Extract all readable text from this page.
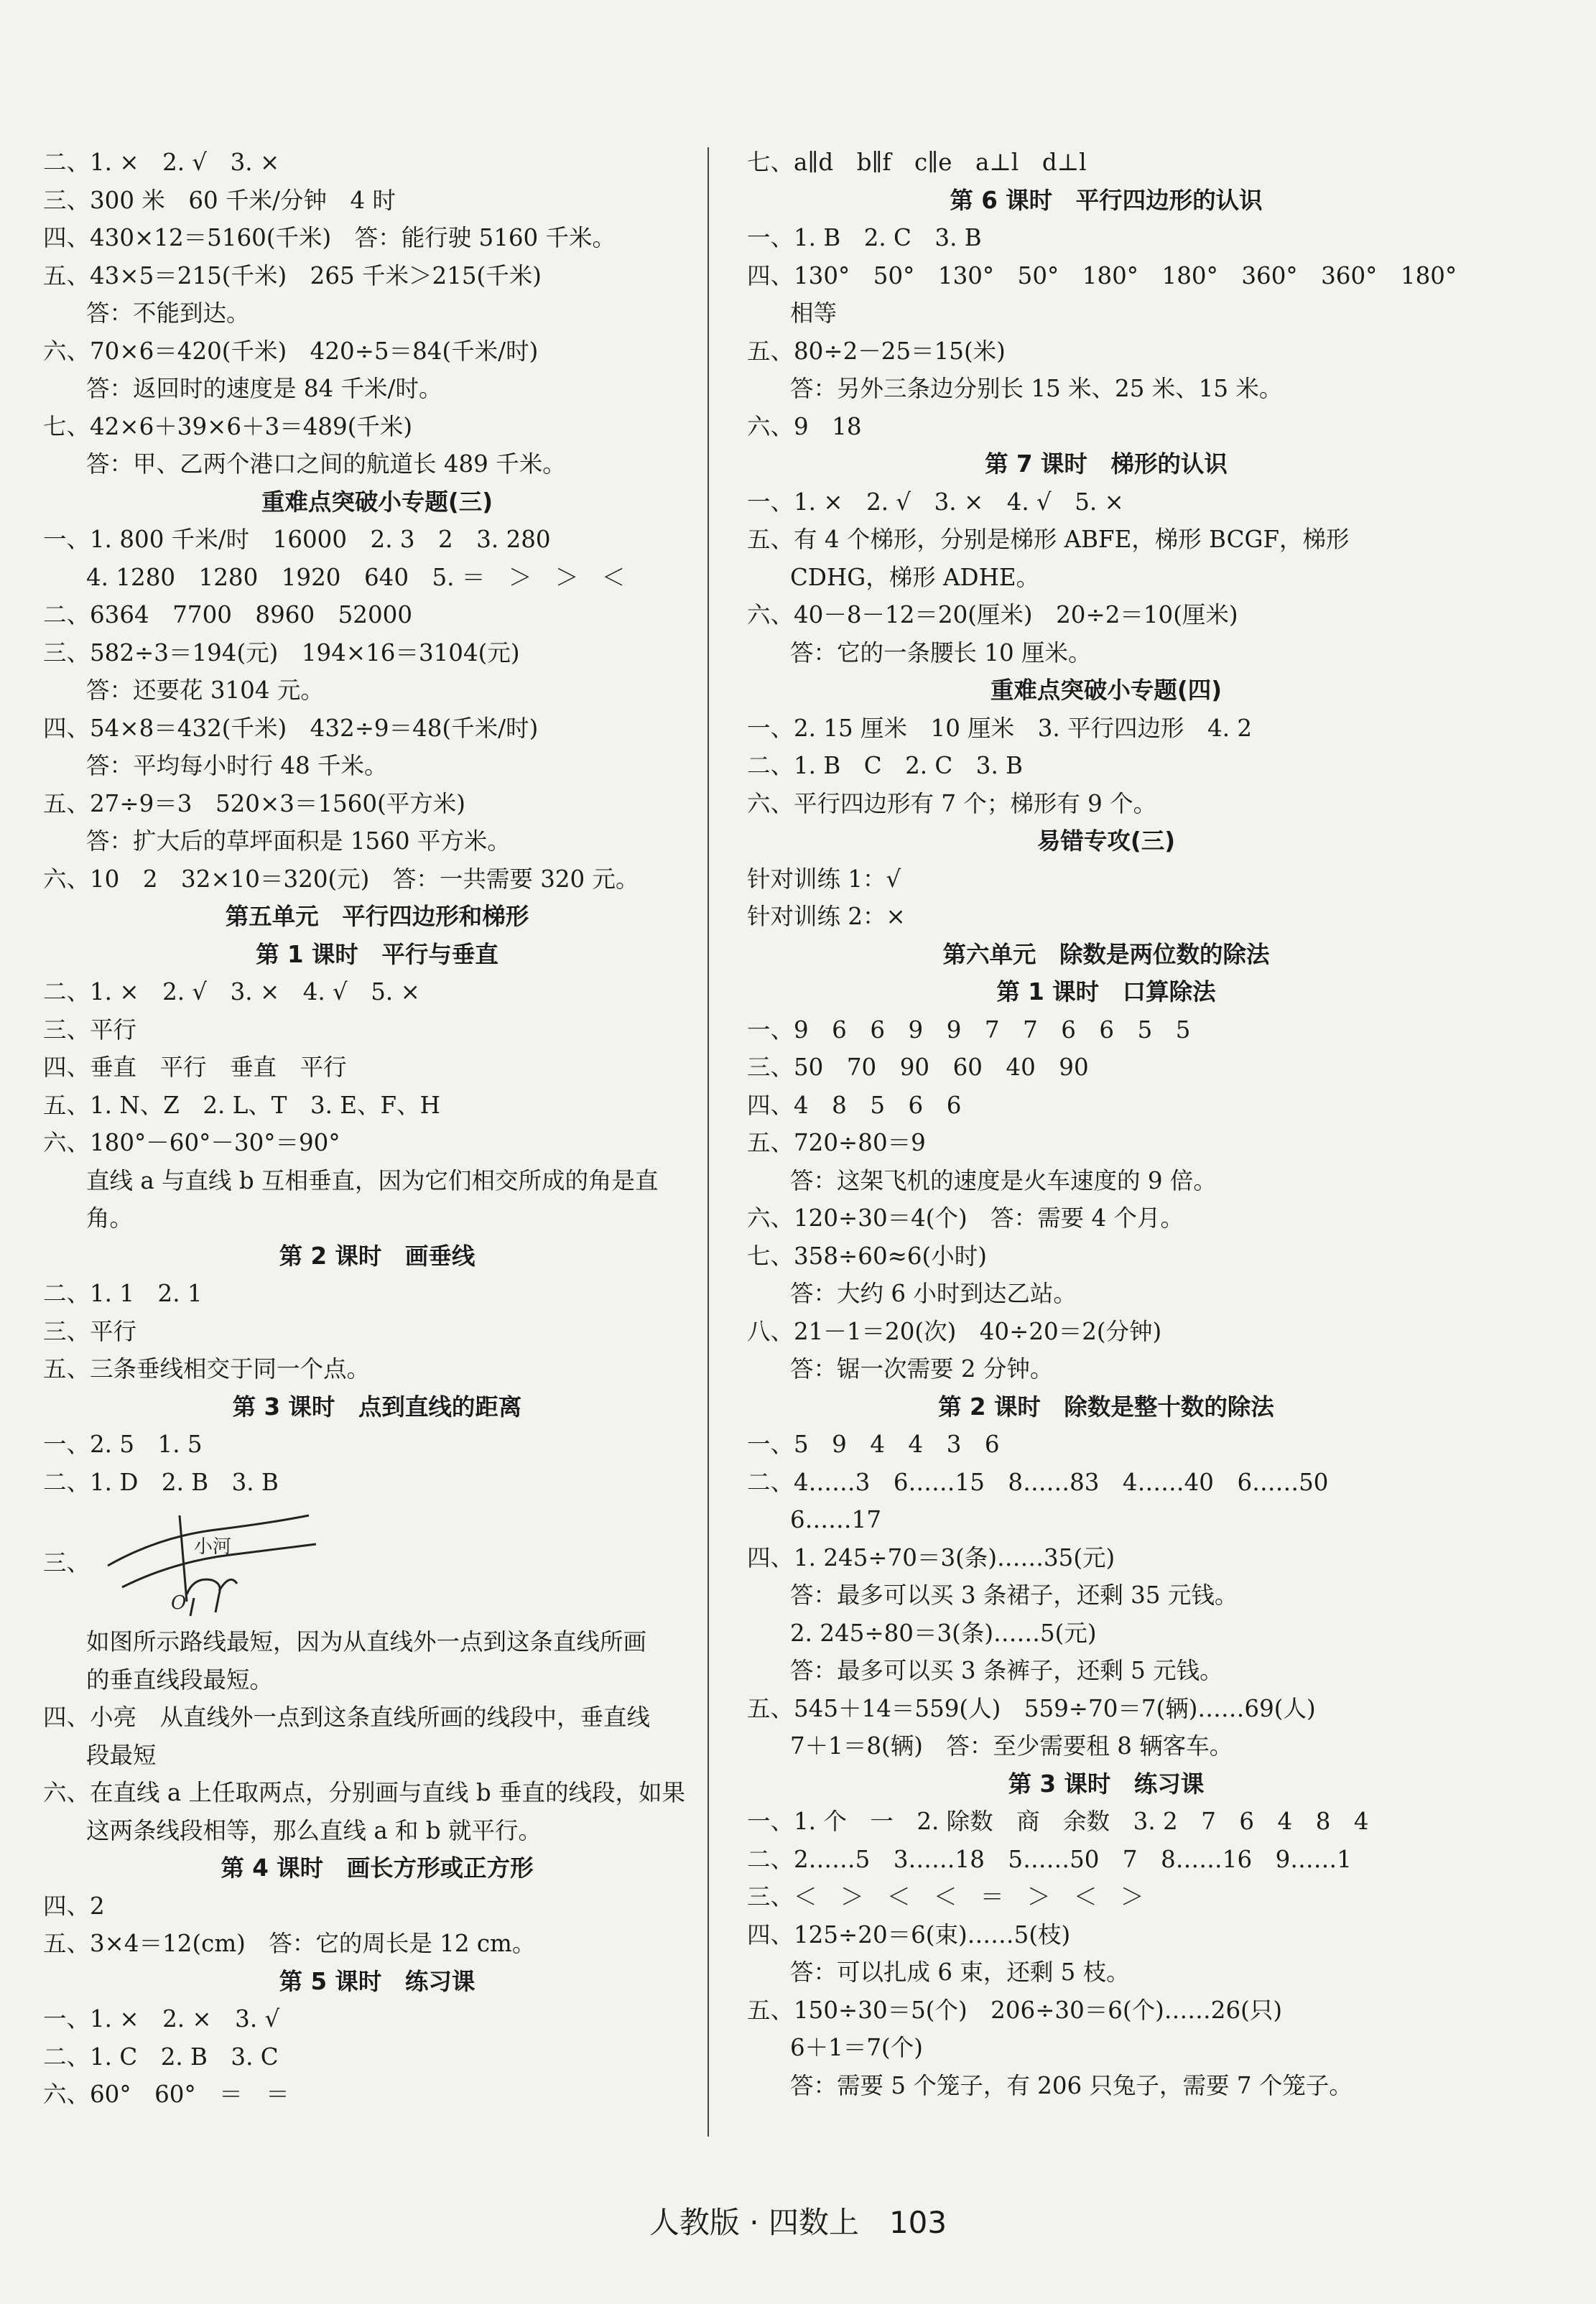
二、1. ×　2. √　3. ×
三、300 米　60 千米/分钟　4 时
四、430×12＝5160(千米)　答：能行驶 5160 千米。
五、43×5＝215(千米)　265 千米＞215(千米)
答：不能到达。
六、70×6＝420(千米)　420÷5＝84(千米/时)
答：返回时的速度是 84 千米/时。
七、42×6＋39×6＋3＝489(千米)
答：甲、乙两个港口之间的航道长 489 千米。
重难点突破小专题(三)
一、1. 800 千米/时　16000　2. 3　2　3. 280
4. 1280　1280　1920　640　5. ＝　＞　＞　＜
二、6364　7700　8960　52000
三、582÷3＝194(元)　194×16＝3104(元)
答：还要花 3104 元。
四、54×8＝432(千米)　432÷9＝48(千米/时)
答：平均每小时行 48 千米。
五、27÷9＝3　520×3＝1560(平方米)
答：扩大后的草坪面积是 1560 平方米。
六、10　2　32×10＝320(元)　答：一共需要 320 元。
第五单元　平行四边形和梯形
第 1 课时　平行与垂直
二、1. ×　2. √　3. ×　4. √　5. ×
三、平行
四、垂直　平行　垂直　平行
五、1. N、Z　2. L、T　3. E、F、H
六、180°－60°－30°＝90°
直线 a 与直线 b 互相垂直，因为它们相交所成的角是直
角。
第 2 课时　画垂线
二、1. 1　2. 1
三、平行
五、三条垂线相交于同一个点。
第 3 课时　点到直线的距离
一、2. 5　1. 5
二、1. D　2. B　3. B
三、
小河
O
如图所示路线最短，因为从直线外一点到这条直线所画
的垂直线段最短。
四、小亮　从直线外一点到这条直线所画的线段中，垂直线
段最短
六、在直线 a 上任取两点，分别画与直线 b 垂直的线段，如果
这两条线段相等，那么直线 a 和 b 就平行。
第 4 课时　画长方形或正方形
四、2
五、3×4＝12(cm)　答：它的周长是 12 cm。
第 5 课时　练习课
一、1. ×　2. ×　3. √
二、1. C　2. B　3. C
六、60°　60°　＝　＝
七、a∥d　b∥f　c∥e　a⊥l　d⊥l
第 6 课时　平行四边形的认识
一、1. B　2. C　3. B
四、130°　50°　130°　50°　180°　180°　360°　360°　180°
相等
五、80÷2－25＝15(米)
答：另外三条边分别长 15 米、25 米、15 米。
六、9　18
第 7 课时　梯形的认识
一、1. ×　2. √　3. ×　4. √　5. ×
五、有 4 个梯形，分别是梯形 ABFE，梯形 BCGF，梯形
CDHG，梯形 ADHE。
六、40－8－12＝20(厘米)　20÷2＝10(厘米)
答：它的一条腰长 10 厘米。
重难点突破小专题(四)
一、2. 15 厘米　10 厘米　3. 平行四边形　4. 2
二、1. B　C　2. C　3. B
六、平行四边形有 7 个；梯形有 9 个。
易错专攻(三)
针对训练 1：√
针对训练 2：×
第六单元　除数是两位数的除法
第 1 课时　口算除法
一、9　6　6　9　9　7　7　6　6　5　5
三、50　70　90　60　40　90
四、4　8　5　6　6
五、720÷80＝9
答：这架飞机的速度是火车速度的 9 倍。
六、120÷30＝4(个)　答：需要 4 个月。
七、358÷60≈6(小时)
答：大约 6 小时到达乙站。
八、21－1＝20(次)　40÷20＝2(分钟)
答：锯一次需要 2 分钟。
第 2 课时　除数是整十数的除法
一、5　9　4　4　3　6
二、4……3　6……15　8……83　4……40　6……50
6……17
四、1. 245÷70＝3(条)……35(元)
答：最多可以买 3 条裙子，还剩 35 元钱。
2. 245÷80＝3(条)……5(元)
答：最多可以买 3 条裤子，还剩 5 元钱。
五、545＋14＝559(人)　559÷70＝7(辆)……69(人)
7＋1＝8(辆)　答：至少需要租 8 辆客车。
第 3 课时　练习课
一、1. 个　一　2. 除数　商　余数　3. 2　7　6　4　8　4
二、2……5　3……18　5……50　7　8……16　9……1
三、＜　＞　＜　＜　＝　＞　＜　＞
四、125÷20＝6(束)……5(枝)
答：可以扎成 6 束，还剩 5 枝。
五、150÷30＝5(个)　206÷30＝6(个)……26(只)
6＋1＝7(个)
答：需要 5 个笼子，有 206 只兔子，需要 7 个笼子。
人教版 · 四数上　103
